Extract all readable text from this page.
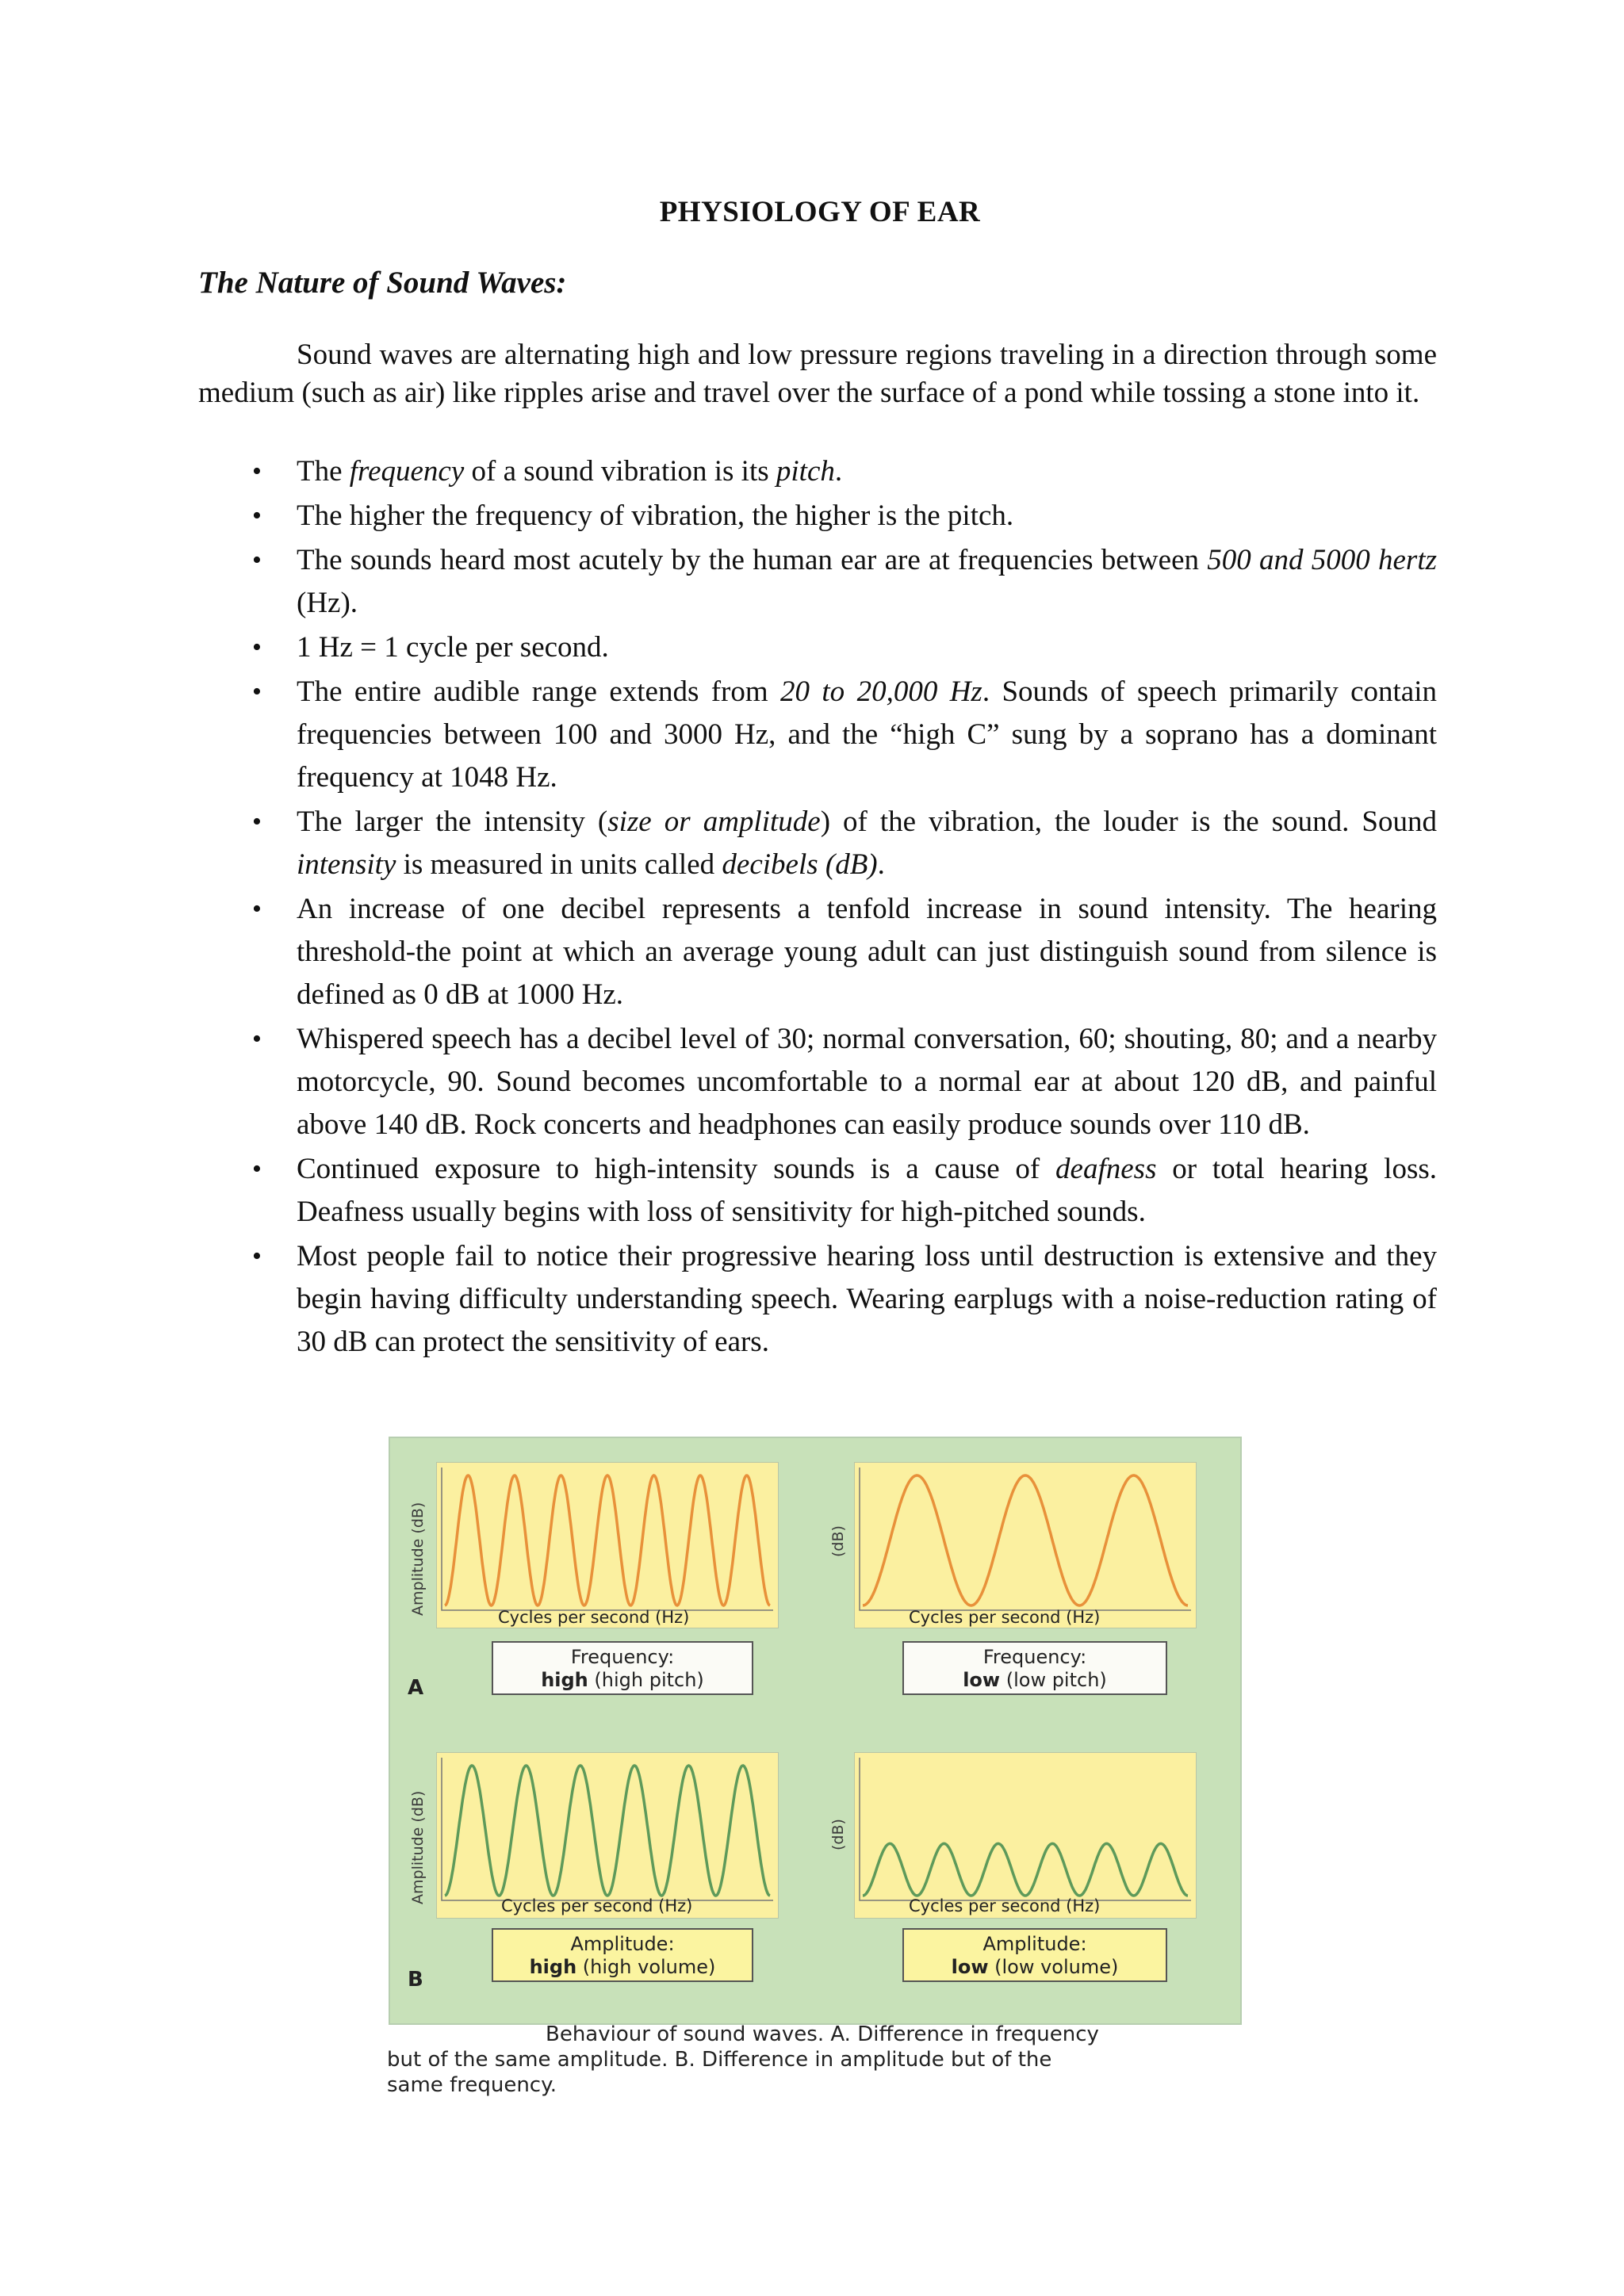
PHYSIOLOGY OF EAR
The Nature of Sound Waves:
Sound waves are alternating high and low pressure regions traveling in a direction through some medium (such as air) like ripples arise and travel over the surface of a pond while tossing a stone into it.
• The frequency of a sound vibration is its pitch.
• The higher the frequency of vibration, the higher is the pitch.
• The sounds heard most acutely by the human ear are at frequencies between 500 and 5000 hertz (Hz).
• 1 Hz = 1 cycle per second.
• The entire audible range extends from 20 to 20,000 Hz. Sounds of speech primarily contain frequencies between 100 and 3000 Hz, and the “high C” sung by a soprano has a dominant frequency at 1048 Hz.
• The larger the intensity (size or amplitude) of the vibration, the louder is the sound. Sound intensity is measured in units called decibels (dB).
• An increase of one decibel represents a tenfold increase in sound intensity. The hearing threshold-the point at which an average young adult can just distinguish sound from silence is defined as 0 dB at 1000 Hz.
• Whispered speech has a decibel level of 30; normal conversation, 60; shouting, 80; and a nearby motorcycle, 90. Sound becomes uncomfortable to a normal ear at about 120 dB, and painful above 140 dB. Rock concerts and headphones can easily produce sounds over 110 dB.
• Continued exposure to high-intensity sounds is a cause of deafness or total hearing loss. Deafness usually begins with loss of sensitivity for high-pitched sounds.
• Most people fail to notice their progressive hearing loss until destruction is extensive and they begin having difficulty understanding speech. Wearing earplugs with a noise-reduction rating of 30 dB can protect the sensitivity of ears.
Amplitude (dB)
Cycles per second (Hz)
Frequency:
high (high pitch)
A
(dB)
Cycles per second (Hz)
Frequency:
low (low pitch)
Amplitude (dB)
Cycles per second (Hz)
Amplitude:
high (high volume)
B
(dB)
Cycles per second (Hz)
Amplitude:
low (low volume)
Behaviour of sound waves. A. Difference in frequency
but of the same amplitude. B. Difference in amplitude but of the
same frequency.
